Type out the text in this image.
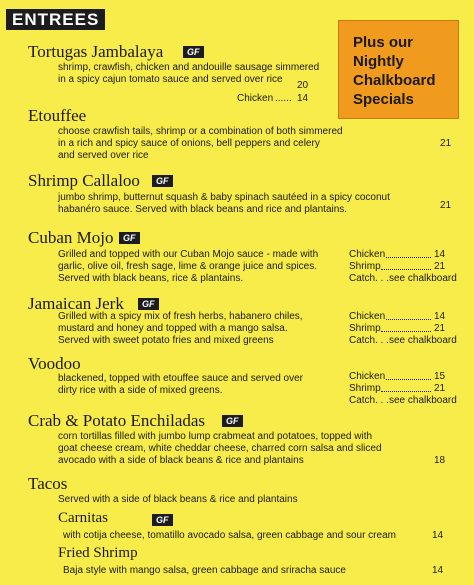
ENTREES
Plus our
Nightly
Chalkboard
Specials
Tortugas Jambalaya	GF
shrimp, crawfish, chicken and andouille sausage simmered
in a spicy cajun tomato sauce and served over rice
20
Chicken ...... 14
Etouffee
choose crawfish tails, shrimp or a combination of both simmered
in a rich and spicy sauce of onions, bell peppers and celery
and served over rice
21
Shrimp Callaloo	GF
jumbo shrimp, butternut squash & baby spinach sautéed in a spicy coconut
habanéro sauce. Served with black beans and rice and plantains.	21
Cuban Mojo	GF
Grilled and topped with our Cuban Mojo sauce - made with
garlic, olive oil, fresh sage, lime & orange juice and spices.
Served with black beans, rice & plantains.
Chicken	14
Shrimp	21
Catch . . . see chalkboard
Jamaican Jerk	GF
Grilled with a spicy mix of fresh herbs, habanero chiles,
mustard and honey and topped with a mango salsa.
Served with sweet potato fries and mixed greens
Chicken	14
Shrimp	21
Catch . . . see chalkboard
Voodoo
blackened, topped with etouffee sauce and served over
dirty rice with a side of mixed greens.
Chicken	15
Shrimp	21
Catch . . . see chalkboard
Crab & Potato Enchiladas	GF
corn tortillas filled with jumbo lump crabmeat and potatoes, topped with
goat cheese cream, white cheddar cheese, charred corn salsa and sliced
avocado with a side of black beans & rice and plantains	18
Tacos
Served with a side of black beans & rice and plantains
Carnitas	GF
with cotija cheese, tomatillo avocado salsa, green cabbage and sour cream	14
Fried Shrimp
Baja style with mango salsa, green cabbage and sriracha sauce	14
